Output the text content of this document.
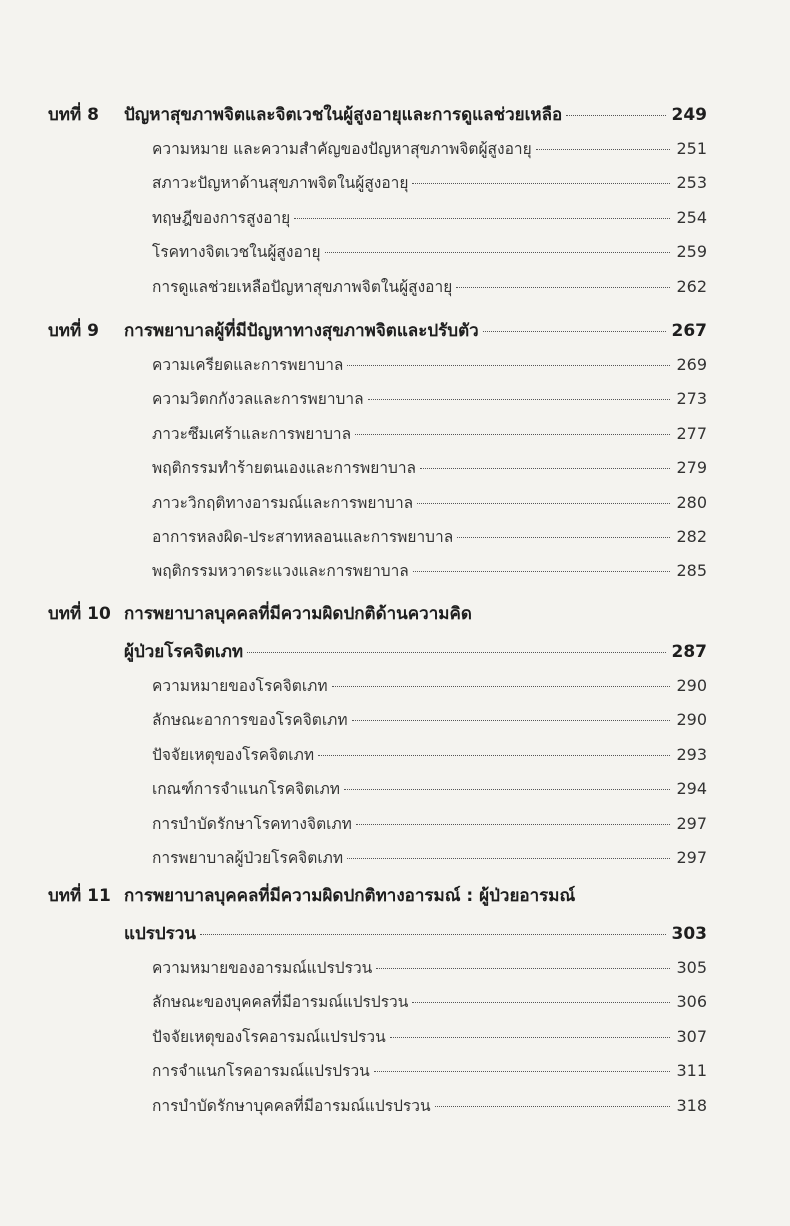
บทที่ 8 ปัญหาสุขภาพจิตและจิตเวชในผู้สูงอายุและการดูแลช่วยเหลือ	249
ความหมาย และความสำคัญของปัญหาสุขภาพจิตผู้สูงอายุ	251
สภาวะปัญหาด้านสุขภาพจิตในผู้สูงอายุ	253
ทฤษฎีของการสูงอายุ	254
โรคทางจิตเวชในผู้สูงอายุ	259
การดูแลช่วยเหลือปัญหาสุขภาพจิตในผู้สูงอายุ	262
บทที่ 9 การพยาบาลผู้ที่มีปัญหาทางสุขภาพจิตและปรับตัว	267
ความเครียดและการพยาบาล	269
ความวิตกกังวลและการพยาบาล	273
ภาวะซึมเศร้าและการพยาบาล	277
พฤติกรรมทำร้ายตนเองและการพยาบาล	279
ภาวะวิกฤติทางอารมณ์และการพยาบาล	280
อาการหลงผิด-ประสาทหลอนและการพยาบาล	282
พฤติกรรมหวาดระแวงและการพยาบาล	285
บทที่ 10 การพยาบาลบุคคลที่มีความผิดปกติด้านความคิด
ผู้ป่วยโรคจิตเภท	287
ความหมายของโรคจิตเภท	290
ลักษณะอาการของโรคจิตเภท	290
ปัจจัยเหตุของโรคจิตเภท	293
เกณฑ์การจำแนกโรคจิตเภท	294
การบำบัดรักษาโรคทางจิตเภท	297
การพยาบาลผู้ป่วยโรคจิตเภท	297
บทที่ 11 การพยาบาลบุคคลที่มีความผิดปกติทางอารมณ์ : ผู้ป่วยอารมณ์
แปรปรวน	303
ความหมายของอารมณ์แปรปรวน	305
ลักษณะของบุคคลที่มีอารมณ์แปรปรวน	306
ปัจจัยเหตุของโรคอารมณ์แปรปรวน	307
การจำแนกโรคอารมณ์แปรปรวน	311
การบำบัดรักษาบุคคลที่มีอารมณ์แปรปรวน	318
